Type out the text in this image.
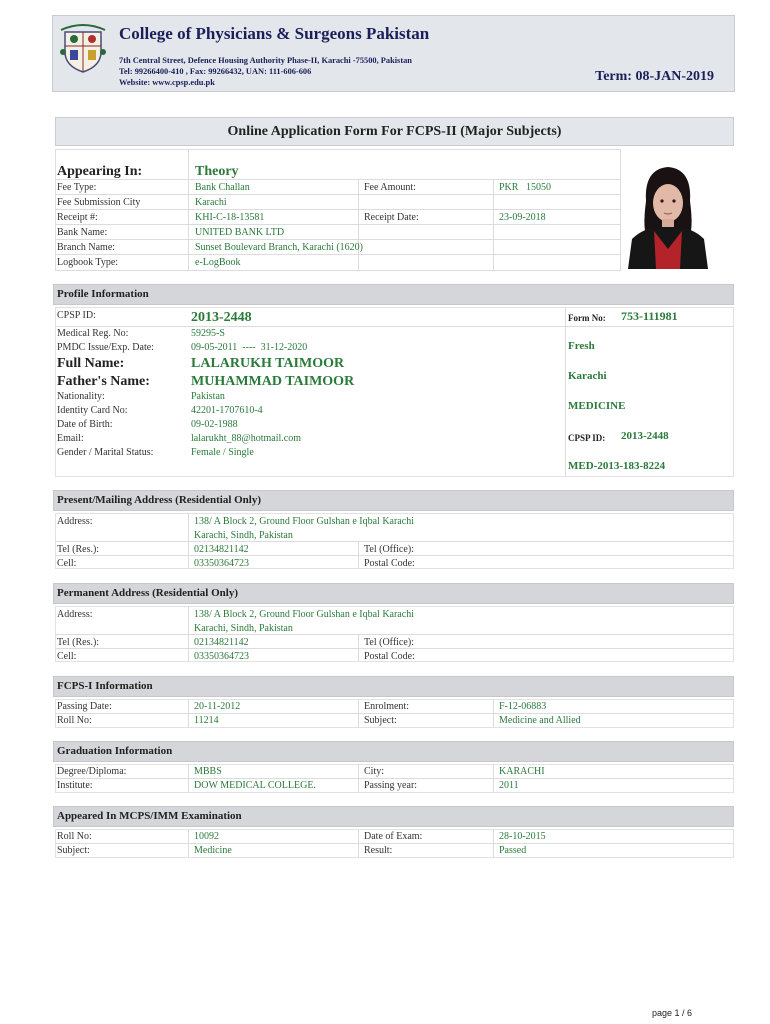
College of Physicians & Surgeons Pakistan
7th Central Street, Defence Housing Authority Phase-II, Karachi -75500, Pakistan
Tel: 99266400-410 , Fax: 99266432, UAN: 111-606-606
Website: www.cpsp.edu.pk	Term: 08-JAN-2019
Online Application Form For FCPS-II (Major Subjects)
Appearing In:	Theory
Fee Type:	Bank Challan	Fee Amount:	PKR   15050
Fee Submission City	Karachi
Receipt #:	KHI-C-18-13581	Receipt Date:	23-09-2018
Bank Name:	UNITED BANK LTD
Branch Name:	Sunset Boulevard Branch, Karachi (1620)
Logbook Type:	e-LogBook
Profile Information
CPSP ID:	2013-2448
Medical Reg. No:	59295-S
PMDC Issue/Exp. Date:	09-05-2011  ----  31-12-2020
Full Name:	LALARUKH TAIMOOR
Father's Name:	MUHAMMAD TAIMOOR
Nationality:	Pakistan
Identity Card No:	42201-1707610-4
Date of Birth:	09-02-1988
Email:	lalarukht_88@hotmail.com
Gender / Marital Status:	Female / Single
Form No: 753-111981
Fresh
Karachi
MEDICINE
CPSP ID: 2013-2448
MED-2013-183-8224
Present/Mailing Address (Residential Only)
Address:	138/ A Block 2, Ground Floor Gulshan e Iqbal Karachi
Karachi, Sindh, Pakistan
Tel (Res.):	02134821142	Tel (Office):
Cell:	03350364723	Postal Code:
Permanent Address (Residential Only)
Address:	138/ A Block 2, Ground Floor Gulshan e Iqbal Karachi
Karachi, Sindh, Pakistan
Tel (Res.):	02134821142	Tel (Office):
Cell:	03350364723	Postal Code:
FCPS-I Information
Passing Date:	20-11-2012	Enrolment:	F-12-06883
Roll No:	11214	Subject:	Medicine and Allied
Graduation Information
Degree/Diploma:	MBBS	City:	KARACHI
Institute:	DOW MEDICAL COLLEGE.	Passing year:	2011
Appeared In MCPS/IMM Examination
Roll No:	10092	Date of Exam:	28-10-2015
Subject:	Medicine	Result:	Passed
page 1 / 6
